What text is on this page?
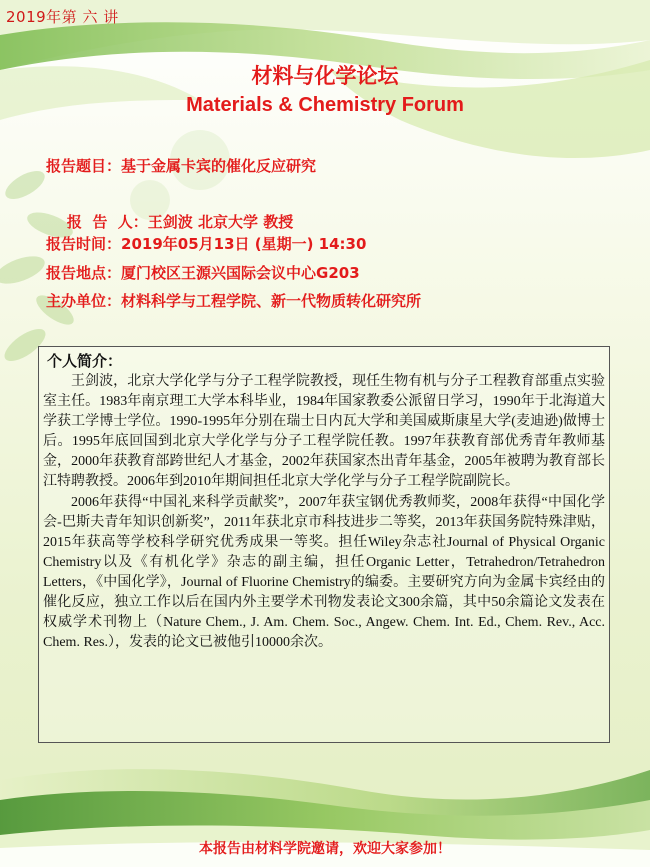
2019年第 六 讲
材料与化学论坛
Materials & Chemistry Forum
报告题目：基于金属卡宾的催化反应研究

报  告  人：王剑波 北京大学 教授

报告时间：2019年05月13日 (星期一) 14:30
报告地点：厦门校区王源兴国际会议中心G203
主办单位：材料科学与工程学院、新一代物质转化研究所
个人简介：

王剑波，北京大学化学与分子工程学院教授，现任生物有机与分子工程教育部重点实验室主任。1983年南京理工大学本科毕业，1984年国家教委公派留日学习，1990年于北海道大学获工学博士学位。1990-1995年分别在瑞士日内瓦大学和美国威斯康星大学(麦迪逊)做博士后。1995年底回国到北京大学化学与分子工程学院任教。1997年获教育部优秀青年教师基金，2000年获教育部跨世纪人才基金，2002年获国家杰出青年基金，2005年被聘为教育部长江特聘教授。2006年到2010年期间担任北京大学化学与分子工程学院副院长。

2006年获得“中国礼来科学贡献奖”，2007年获宝钢优秀教师奖，2008年获得“中国化学会-巴斯夫青年知识创新奖”，2011年获北京市科技进步二等奖，2013年获国务院特殊津贴，2015年获高等学校科学研究优秀成果一等奖。担任Wiley杂志社Journal of Physical Organic Chemistry以及《有机化学》杂志的副主编，担任Organic Letter，Tetrahedron/Tetrahedron Letters，《中国化学》，Journal of Fluorine Chemistry的编委。主要研究方向为金属卡宾经由的催化反应，独立工作以后在国内外主要学术刊物发表论文300余篇，其中50余篇论文发表在权威学术刊物上（Nature Chem., J. Am. Chem. Soc., Angew. Chem. Int. Ed., Chem. Rev., Acc. Chem. Res.），发表的论文已被他引10000余次。

本报告由材料学院邀请，欢迎大家参加！
